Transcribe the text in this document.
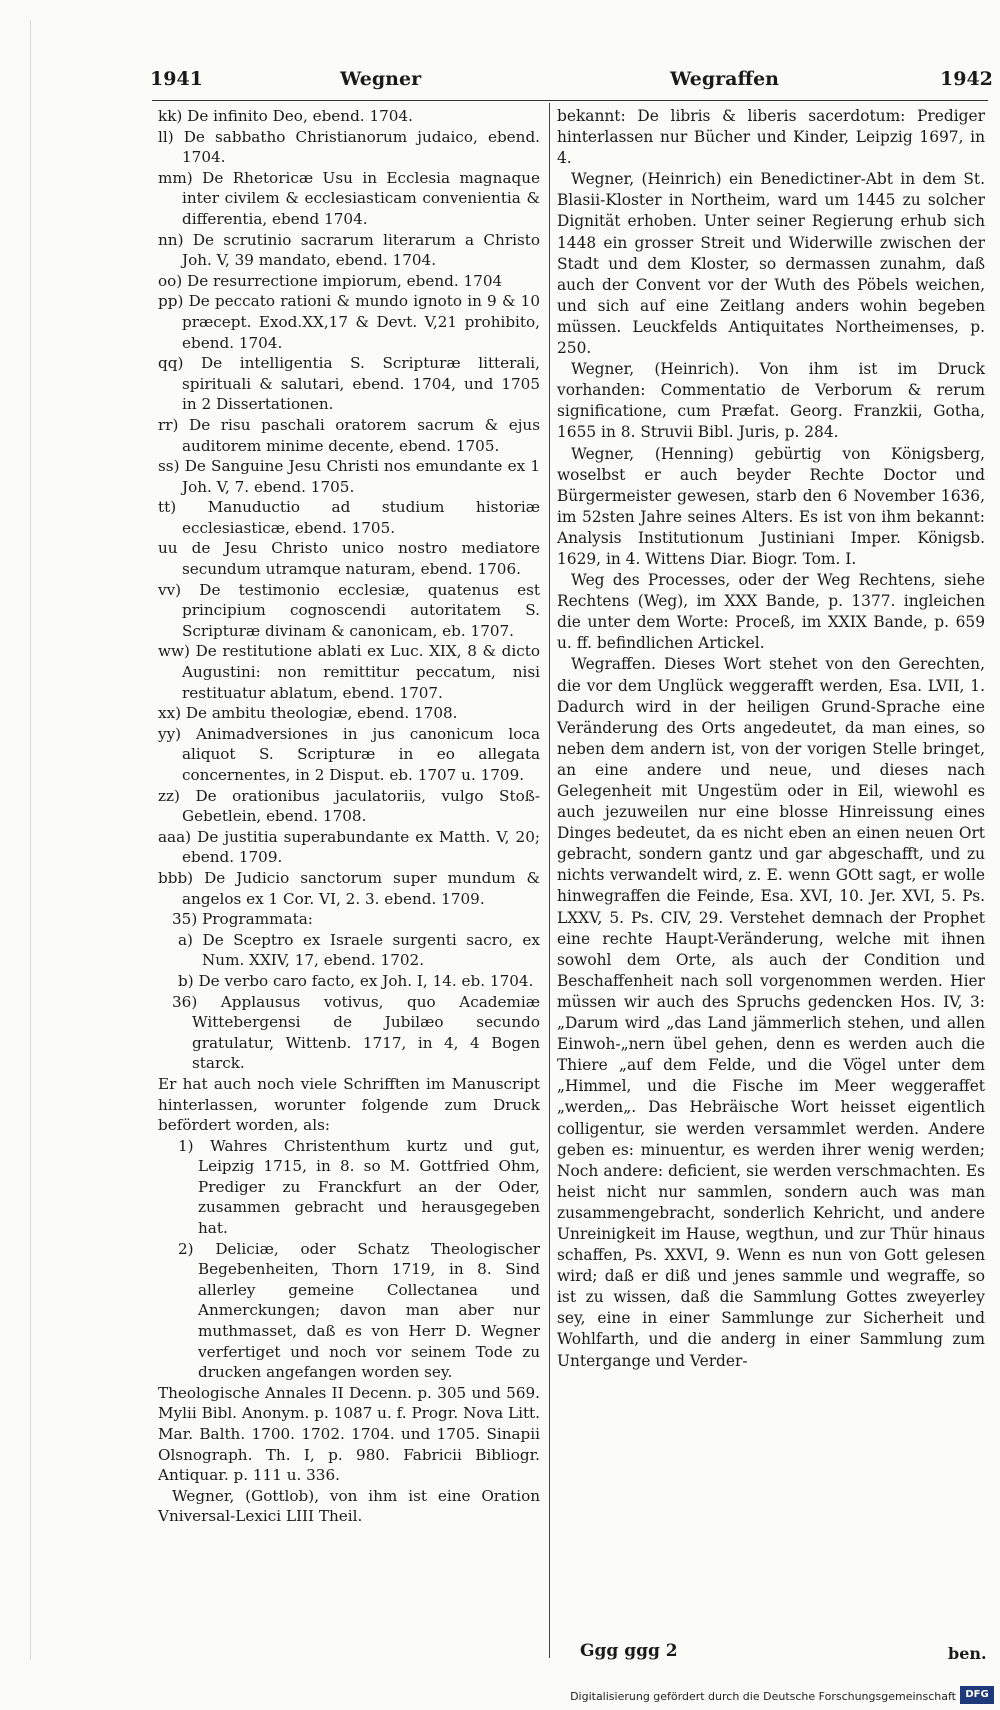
1941	Wegner	Wegraffen	1942

kk) De infinito Deo, ebend. 1704.

ll) De sabbatho Christianorum judaico, ebend. 1704.

mm) De Rhetoricæ Usu in Ecclesia magnaque inter civilem & ecclesiasticam convenientia & differentia, ebend 1704.

nn) De scrutinio sacrarum literarum a Christo Joh. V, 39 mandato, ebend. 1704.

oo) De resurrectione impiorum, ebend. 1704

pp) De peccato rationi & mundo ignoto in 9 & 10 præcept. Exod.XX,17 & Devt. V,21 prohibito, ebend. 1704.

qq) De intelligentia S. Scripturæ litterali, spirituali & salutari, ebend. 1704, und 1705 in 2 Dissertationen.

rr) De risu paschali oratorem sacrum & ejus auditorem minime decente, ebend. 1705.

ss) De Sanguine Jesu Christi nos emundante ex 1 Joh. V, 7. ebend. 1705.

tt) Manuductio ad studium historiæ ecclesiasticæ, ebend. 1705.

uu de Jesu Christo unico nostro mediatore secundum utramque naturam, ebend. 1706.

vv) De testimonio ecclesiæ, quatenus est principium cognoscendi autoritatem S. Scripturæ divinam & canonicam, eb. 1707.

ww) De restitutione ablati ex Luc. XIX, 8 & dicto Augustini: non remittitur peccatum, nisi restituatur ablatum, ebend. 1707.

xx) De ambitu theologiæ, ebend. 1708.

yy) Animadversiones in jus canonicum loca aliquot S. Scripturæ in eo allegata concernentes, in 2 Disput. eb. 1707 u. 1709.

zz) De orationibus jaculatoriis, vulgo Stoß-Gebetlein, ebend. 1708.

aaa) De justitia superabundante ex Matth. V, 20; ebend. 1709.

bbb) De Judicio sanctorum super mundum & angelos ex 1 Cor. VI, 2. 3. ebend. 1709.

35) Programmata:

a) De Sceptro ex Israele surgenti sacro, ex Num. XXIV, 17, ebend. 1702.

b) De verbo caro facto, ex Joh. I, 14. eb. 1704.

36) Applausus votivus, quo Academiæ Wittebergensi de Jubilæo secundo gratulatur, Wittenb. 1717, in 4, 4 Bogen starck.

Er hat auch noch viele Schrifften im Manuscript hinterlassen, worunter folgende zum Druck befördert worden, als:

1) Wahres Christenthum kurtz und gut, Leipzig 1715, in 8. so M. Gottfried Ohm, Prediger zu Franckfurt an der Oder, zusammen gebracht und herausgegeben hat.

2) Deliciæ, oder Schatz Theologischer Begebenheiten, Thorn 1719, in 8. Sind allerley gemeine Collectanea und Anmerckungen; davon man aber nur muthmasset, daß es von Herr D. Wegner verfertiget und noch vor seinem Tode zu drucken angefangen worden sey.

Theologische Annales II Decenn. p. 305 und 569. Mylii Bibl. Anonym. p. 1087 u. f. Progr. Nova Litt. Mar. Balth. 1700. 1702. 1704. und 1705. Sinapii Olsnograph. Th. I, p. 980. Fabricii Bibliogr. Antiquar. p. 111 u. 336.

Wegner, (Gottlob), von ihm ist eine Oration Vniversal-Lexici LIII Theil.

bekannt: De libris & liberis sacerdotum: Prediger hinterlassen nur Bücher und Kinder, Leipzig 1697, in 4.

Wegner, (Heinrich) ein Benedictiner-Abt in dem St. Blasii-Kloster in Northeim, ward um 1445 zu solcher Dignität erhoben. Unter seiner Regierung erhub sich 1448 ein grosser Streit und Widerwille zwischen der Stadt und dem Kloster, so dermassen zunahm, daß auch der Convent vor der Wuth des Pöbels weichen, und sich auf eine Zeitlang anders wohin begeben müssen. Leuckfelds Antiquitates Northeimenses, p. 250.

Wegner, (Heinrich). Von ihm ist im Druck vorhanden: Commentatio de Verborum & rerum significatione, cum Præfat. Georg. Franzkii, Gotha, 1655 in 8. Struvii Bibl. Juris, p. 284.

Wegner, (Henning) gebürtig von Königsberg, woselbst er auch beyder Rechte Doctor und Bürgermeister gewesen, starb den 6 November 1636, im 52sten Jahre seines Alters. Es ist von ihm bekannt: Analysis Institutionum Justiniani Imper. Königsb. 1629, in 4. Wittens Diar. Biogr. Tom. I.

Weg des Processes, oder der Weg Rechtens, siehe Rechtens (Weg), im XXX Bande, p. 1377. ingleichen die unter dem Worte: Proceß, im XXIX Bande, p. 659 u. ff. befindlichen Artickel.

Wegraffen. Dieses Wort stehet von den Gerechten, die vor dem Unglück weggerafft werden, Esa. LVII, 1. Dadurch wird in der heiligen Grund-Sprache eine Veränderung des Orts angedeutet, da man eines, so neben dem andern ist, von der vorigen Stelle bringet, an eine andere und neue, und dieses nach Gelegenheit mit Ungestüm oder in Eil, wiewohl es auch jezuweilen nur eine blosse Hinreissung eines Dinges bedeutet, da es nicht eben an einen neuen Ort gebracht, sondern gantz und gar abgeschafft, und zu nichts verwandelt wird, z. E. wenn GOtt sagt, er wolle hinwegraffen die Feinde, Esa. XVI, 10. Jer. XVI, 5. Ps. LXXV, 5. Ps. CIV, 29. Verstehet demnach der Prophet eine rechte Haupt-Veränderung, welche mit ihnen sowohl dem Orte, als auch der Condition und Beschaffenheit nach soll vorgenommen werden. Hier müssen wir auch des Spruchs gedencken Hos. IV, 3: „Darum wird „das Land jämmerlich stehen, und allen Einwoh-„nern übel gehen, denn es werden auch die Thiere „auf dem Felde, und die Vögel unter dem „Himmel, und die Fische im Meer weggeraffet „werden„. Das Hebräische Wort heisset eigentlich colligentur, sie werden versammlet werden. Andere geben es: minuentur, es werden ihrer wenig werden; Noch andere: deficient, sie werden verschmachten. Es heist nicht nur sammlen, sondern auch was man zusammengebracht, sonderlich Kehricht, und andere Unreinigkeit im Hause, wegthun, und zur Thür hinaus schaffen, Ps. XXVI, 9. Wenn es nun von Gott gelesen wird; daß er diß und jenes sammle und wegraffe, so ist zu wissen, daß die Sammlung Gottes zweyerley sey, eine in einer Sammlunge zur Sicherheit und Wohlfarth, und die anderg in einer Sammlung zum Untergange und Verder-

Ggg ggg 2	ben.
Digitalisierung gefördert durch die Deutsche Forschungsgemeinschaft DFG
